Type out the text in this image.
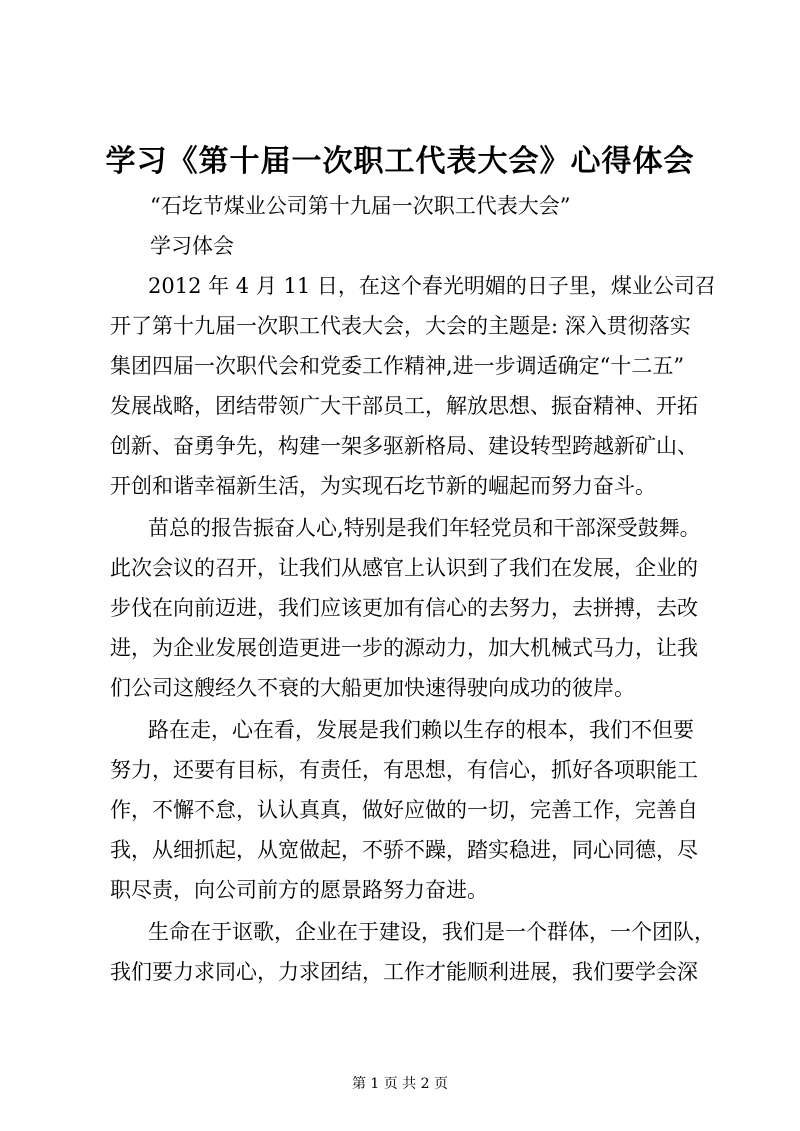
学习《第十届一次职工代表大会》心得体会
“石圪节煤业公司第十九届一次职工代表大会”
学习体会
2012 年 4 月 11 日，在这个春光明媚的日子里，煤业公司召
开了第十九届一次职工代表大会，大会的主题是: 深入贯彻落实
集团四届一次职代会和党委工作精神,进一步调适确定“十二五”
发展战略，团结带领广大干部员工，解放思想、振奋精神、开拓
创新、奋勇争先，构建一架多驱新格局、建设转型跨越新矿山、
开创和谐幸福新生活，为实现石圪节新的崛起而努力奋斗。
苗总的报告振奋人心,特别是我们年轻党员和干部深受鼓舞。
此次会议的召开，让我们从感官上认识到了我们在发展，企业的
步伐在向前迈进，我们应该更加有信心的去努力，去拼搏，去改
进，为企业发展创造更进一步的源动力，加大机械式马力，让我
们公司这艘经久不衰的大船更加快速得驶向成功的彼岸。
路在走，心在看，发展是我们赖以生存的根本，我们不但要
努力，还要有目标，有责任，有思想，有信心，抓好各项职能工
作，不懈不怠，认认真真，做好应做的一切，完善工作，完善自
我，从细抓起，从宽做起，不骄不躁，踏实稳进，同心同德，尽
职尽责，向公司前方的愿景路努力奋进。
生命在于讴歌，企业在于建设，我们是一个群体，一个团队，
我们要力求同心，力求团结，工作才能顺利进展，我们要学会深
第 1 页 共 2 页
